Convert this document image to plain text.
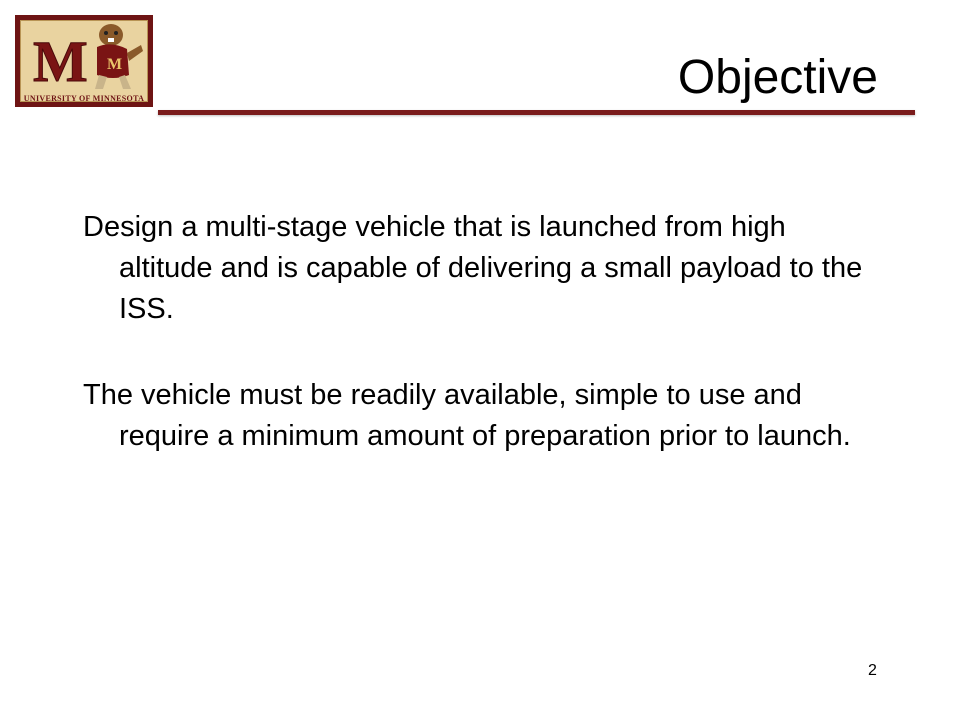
M M
UNIVERSITY OF MINNESOTA	Objective

Design a multi-stage vehicle that is launched from high altitude and is capable of delivering a small payload to the ISS.

The vehicle must be readily available, simple to use and require a minimum amount of preparation prior to launch.

2
